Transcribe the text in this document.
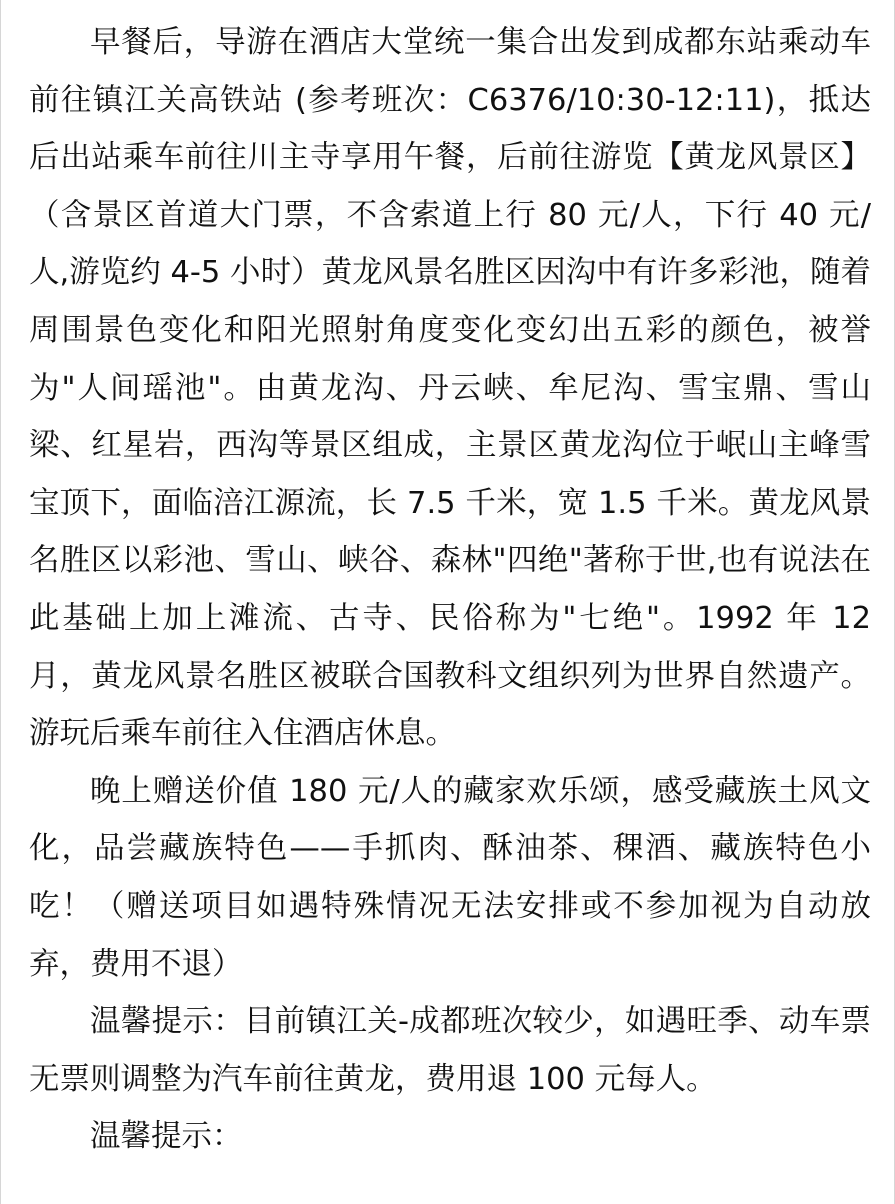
早餐后，导游在酒店大堂统一集合出发到成都东站乘动车前往镇江关高铁站 (参考班次：C6376/10:30-12:11)，抵达后出站乘车前往川主寺享用午餐，后前往游览【黄龙风景区】（含景区首道大门票，不含索道上行 80 元/人，下行 40 元/人,游览约 4-5 小时）黄龙风景名胜区因沟中有许多彩池，随着周围景色变化和阳光照射角度变化变幻出五彩的颜色，被誉为"人间瑶池"。由黄龙沟、丹云峡、牟尼沟、雪宝鼎、雪山梁、红星岩，西沟等景区组成，主景区黄龙沟位于岷山主峰雪宝顶下，面临涪江源流，长 7.5 千米，宽 1.5 千米。黄龙风景名胜区以彩池、雪山、峡谷、森林"四绝"著称于世,也有说法在此基础上加上滩流、古寺、民俗称为"七绝"。1992 年 12 月，黄龙风景名胜区被联合国教科文组织列为世界自然遗产。游玩后乘车前往入住酒店休息。

晚上赠送价值 180 元/人的藏家欢乐颂，感受藏族土风文化，品尝藏族特色——手抓肉、酥油茶、稞酒、藏族特色小吃！（赠送项目如遇特殊情况无法安排或不参加视为自动放弃，费用不退）

温馨提示：目前镇江关-成都班次较少，如遇旺季、动车票无票则调整为汽车前往黄龙，费用退 100 元每人。

温馨提示：
